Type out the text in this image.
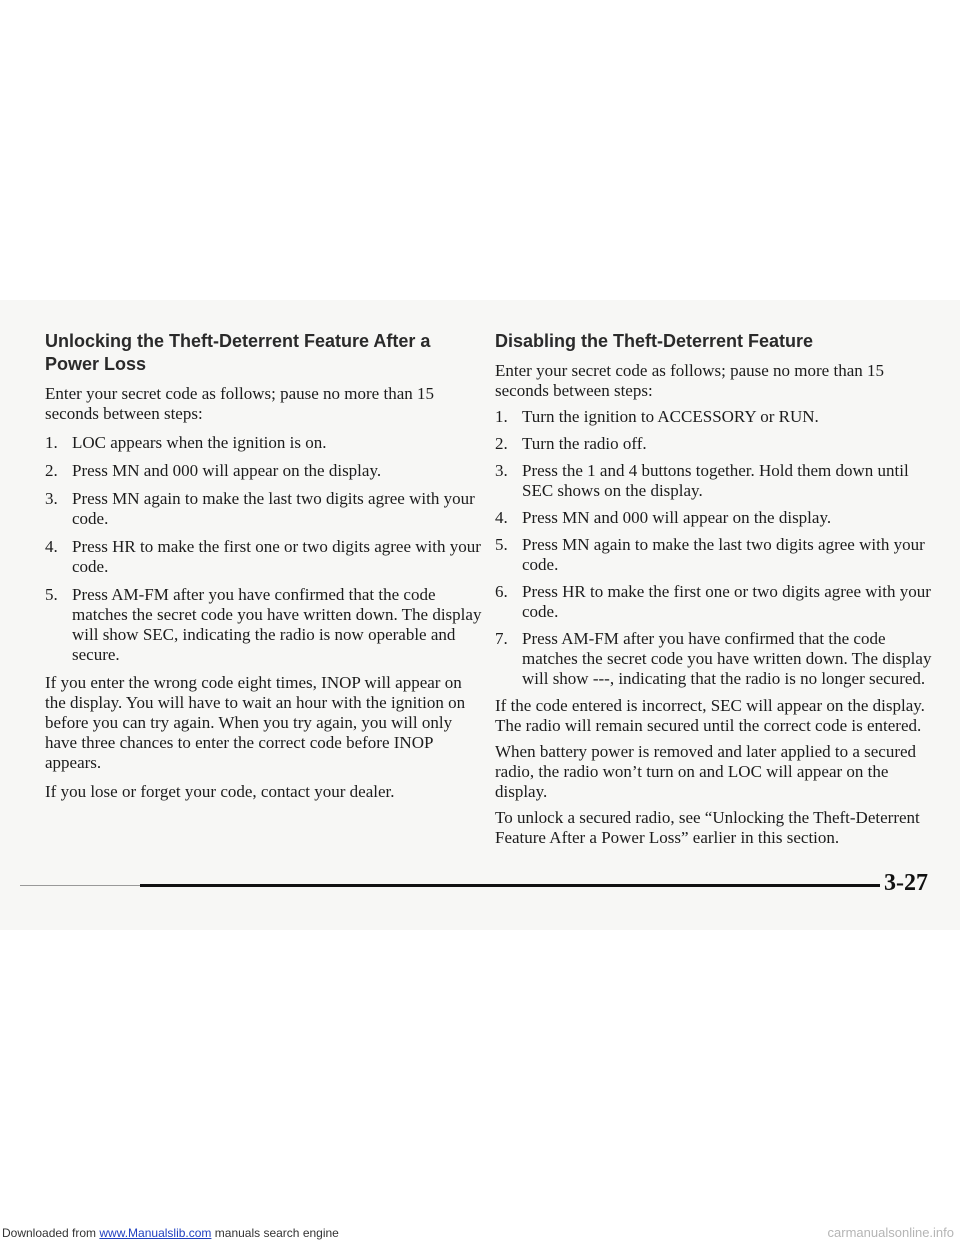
Unlocking the Theft-Deterrent Feature After a Power Loss

Enter your secret code as follows; pause no more than 15 seconds between steps:

1. LOC appears when the ignition is on.
2. Press MN and 000 will appear on the display.
3. Press MN again to make the last two digits agree with your code.
4. Press HR to make the first one or two digits agree with your code.
5. Press AM-FM after you have confirmed that the code matches the secret code you have written down. The display will show SEC, indicating the radio is now operable and secure.

If you enter the wrong code eight times, INOP will appear on the display. You will have to wait an hour with the ignition on before you can try again. When you try again, you will only have three chances to enter the correct code before INOP appears.

If you lose or forget your code, contact your dealer.

Disabling the Theft-Deterrent Feature

Enter your secret code as follows; pause no more than 15 seconds between steps:

1. Turn the ignition to ACCESSORY or RUN.
2. Turn the radio off.
3. Press the 1 and 4 buttons together. Hold them down until SEC shows on the display.
4. Press MN and 000 will appear on the display.
5. Press MN again to make the last two digits agree with your code.
6. Press HR to make the first one or two digits agree with your code.
7. Press AM-FM after you have confirmed that the code matches the secret code you have written down. The display will show ---, indicating that the radio is no longer secured.

If the code entered is incorrect, SEC will appear on the display. The radio will remain secured until the correct code is entered.

When battery power is removed and later applied to a secured radio, the radio won’t turn on and LOC will appear on the display.

To unlock a secured radio, see “Unlocking the Theft-Deterrent Feature After a Power Loss” earlier in this section.

3-27
Downloaded from www.Manualslib.com manuals search engine	carmanualsonline.info
